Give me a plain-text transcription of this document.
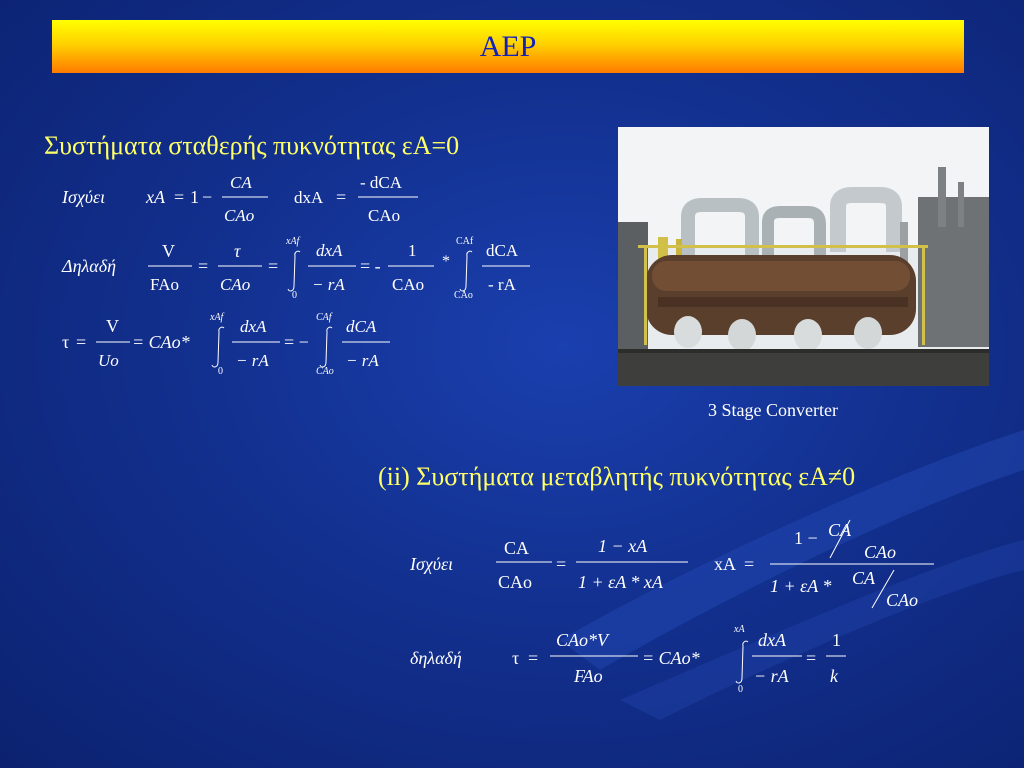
AEP
Συστήματα σταθερής πυκνότητας εA=0
Iσχύει xA = 1 −
CA
CAo
dxA =
- dCA
CAo
Δηλαδή
V
FAo
=
τ
CAo
=
xAf
0
dxA
− rA
= -
1
CAo
*
CAf
CAo
dCA
- rA
τ =
V
Uo
= CAo*
xAf
0
dxA
− rA
= −
CAf
CAo
dCA
− rA
3 Stage Converter
(ii) Συστήματα μεταβλητής πυκνότητας εA≠0
Iσχύει
CA
CAo
=
1 − xA
1 + εA * xA
xA =
1 − CA
CAo
1 + εA * CA
CAo
δηλαδή	τ =
CAo*V
FAo
= CAo*
xA
0
dxA
− rA
=
1
k
